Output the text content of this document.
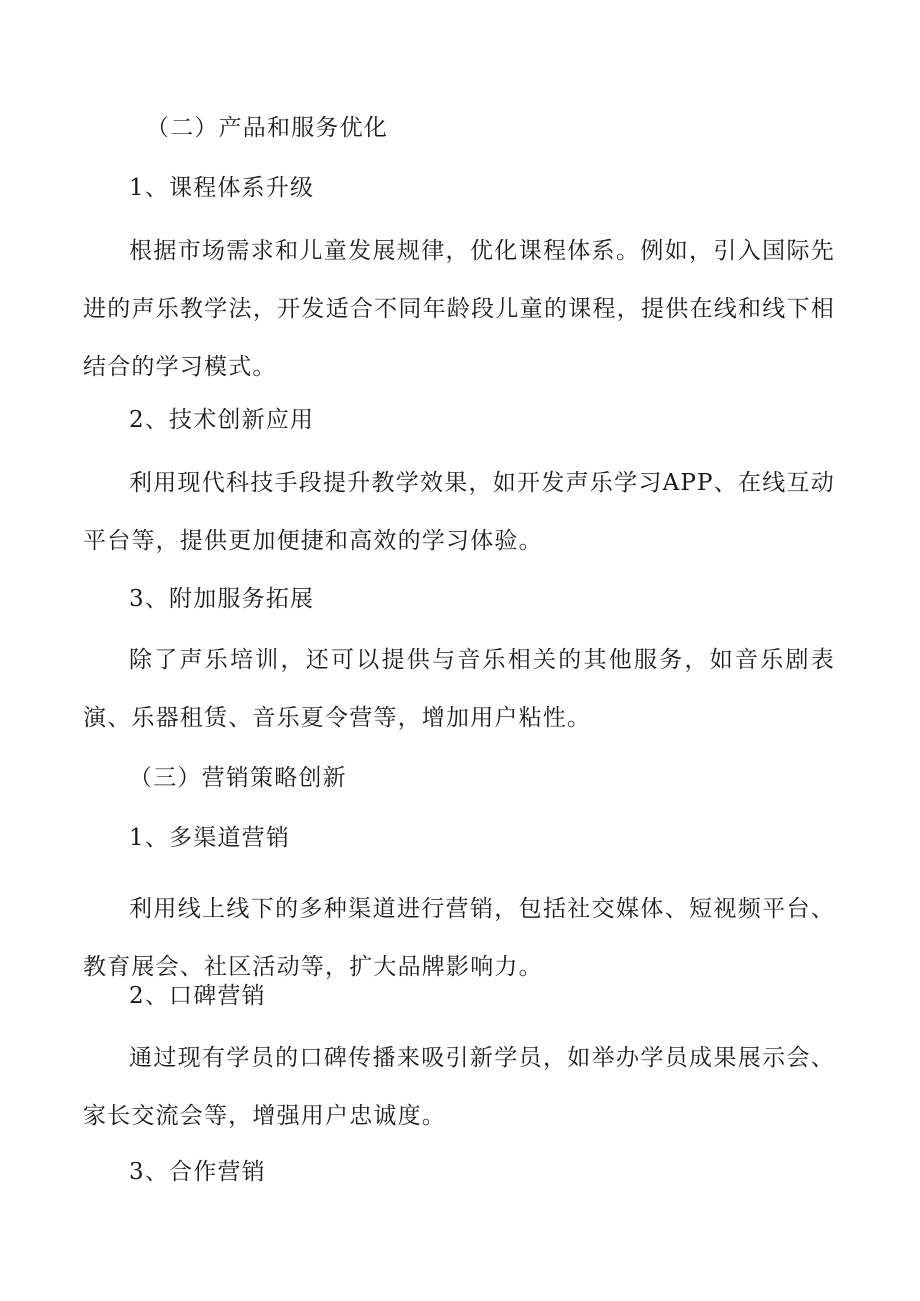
（二）产品和服务优化
1、课程体系升级

根据市场需求和儿童发展规律，优化课程体系。例如，引入国际先进的声乐教学法，开发适合不同年龄段儿童的课程，提供在线和线下相结合的学习模式。

2、技术创新应用

利用现代科技手段提升教学效果，如开发声乐学习APP、在线互动平台等，提供更加便捷和高效的学习体验。

3、附加服务拓展

除了声乐培训，还可以提供与音乐相关的其他服务，如音乐剧表演、乐器租赁、音乐夏令营等，增加用户粘性。

（三）营销策略创新
1、多渠道营销

利用线上线下的多种渠道进行营销，包括社交媒体、短视频平台、教育展会、社区活动等，扩大品牌影响力。

2、口碑营销

通过现有学员的口碑传播来吸引新学员，如举办学员成果展示会、家长交流会等，增强用户忠诚度。

3、合作营销
